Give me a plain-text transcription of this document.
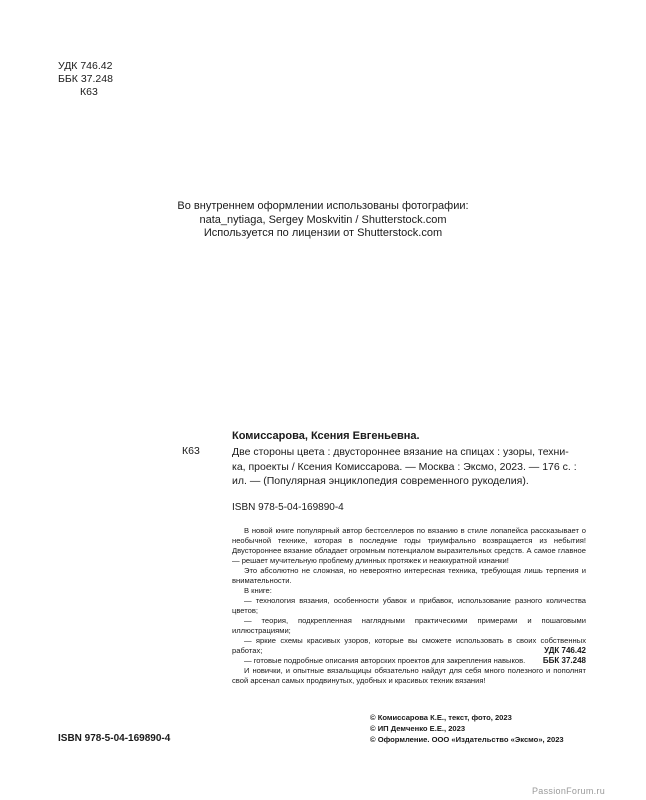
УДК 746.42
ББК 37.248
К63
Во внутреннем оформлении использованы фотографии:
nata_nytiaga, Sergey Moskvitin / Shutterstock.com
Используется по лицензии от Shutterstock.com
Комиссарова, Ксения Евгеньевна.
К63	Две стороны цвета : двустороннее вязание на спицах : узоры, техни-
ка, проекты / Ксения Комиссарова. — Москва : Эксмо, 2023. — 176 с. :
ил. — (Популярная энциклопедия современного рукоделия).
ISBN 978-5-04-169890-4

В новой книге популярный автор бестселлеров по вязанию в стиле лопапейса рассказывает о необычной технике, которая в последние годы триумфально возвращается из небытия! Двустороннее вязание обладает огромным потенциалом выразительных средств. А самое главное — решает мучительную проблему длинных протяжек и неаккуратной изнанки!

Это абсолютно не сложная, но невероятно интересная техника, требующая лишь терпения и внимательности.

В книге:

— технология вязания, особенности убавок и прибавок, использование разного количества цветов;

— теория, подкрепленная наглядными практическими примерами и пошаговыми иллюстрациями;

— яркие схемы красивых узоров, которые вы сможете использовать в своих собственных работах;

— готовые подробные описания авторских проектов для закрепления навыков.

И новички, и опытные вязальщицы обязательно найдут для себя много полезного и пополнят свой арсенал самых продвинутых, удобных и красивых техник вязания!

УДК 746.42
ББК 37.248
ISBN 978-5-04-169890-4
© Комиссарова К.Е., текст, фото, 2023
© ИП Демченко Е.Е., 2023
© Оформление. ООО «Издательство «Эксмо», 2023
PassionForum.ru
